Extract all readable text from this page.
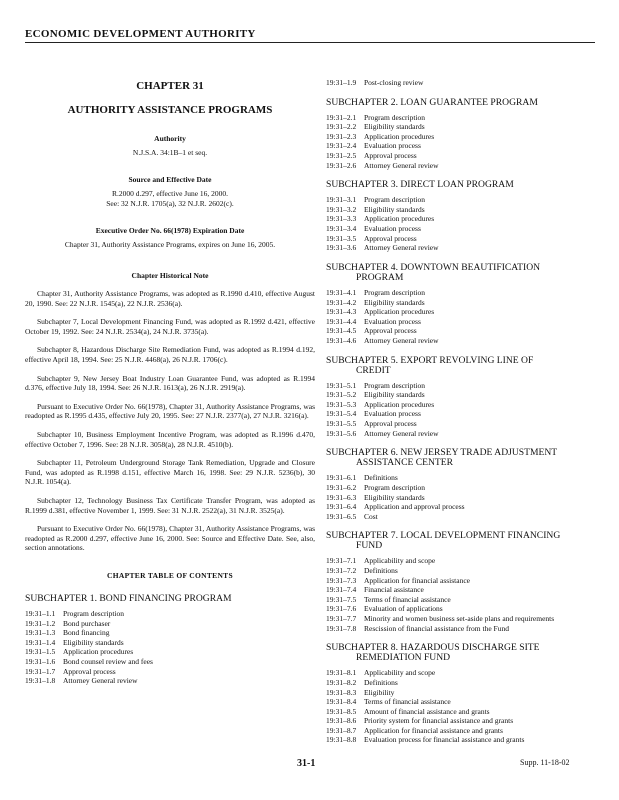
ECONOMIC DEVELOPMENT AUTHORITY
CHAPTER 31
AUTHORITY ASSISTANCE PROGRAMS
Authority
N.J.S.A. 34:1B–1 et seq.
Source and Effective Date
R.2000 d.297, effective June 16, 2000.
See: 32 N.J.R. 1705(a), 32 N.J.R. 2602(c).
Executive Order No. 66(1978) Expiration Date
Chapter 31, Authority Assistance Programs, expires on June 16, 2005.
Chapter Historical Note

Chapter 31, Authority Assistance Programs, was adopted as R.1990 d.410, effective August 20, 1990. See: 22 N.J.R. 1545(a), 22 N.J.R. 2536(a).

Subchapter 7, Local Development Financing Fund, was adopted as R.1992 d.421, effective October 19, 1992. See: 24 N.J.R. 2534(a), 24 N.J.R. 3735(a).

Subchapter 8, Hazardous Discharge Site Remediation Fund, was adopted as R.1994 d.192, effective April 18, 1994. See: 25 N.J.R. 4468(a), 26 N.J.R. 1706(c).

Subchapter 9, New Jersey Boat Industry Loan Guarantee Fund, was adopted as R.1994 d.376, effective July 18, 1994. See: 26 N.J.R. 1613(a), 26 N.J.R. 2919(a).

Pursuant to Executive Order No. 66(1978), Chapter 31, Authority Assistance Programs, was readopted as R.1995 d.435, effective July 20, 1995. See: 27 N.J.R. 2377(a), 27 N.J.R. 3216(a).

Subchapter 10, Business Employment Incentive Program, was adopted as R.1996 d.470, effective October 7, 1996. See: 28 N.J.R. 3058(a), 28 N.J.R. 4510(b).

Subchapter 11, Petroleum Underground Storage Tank Remediation, Upgrade and Closure Fund, was adopted as R.1998 d.151, effective March 16, 1998. See: 29 N.J.R. 5236(b), 30 N.J.R. 1054(a).

Subchapter 12, Technology Business Tax Certificate Transfer Program, was adopted as R.1999 d.381, effective November 1, 1999. See: 31 N.J.R. 2522(a), 31 N.J.R. 3525(a).

Pursuant to Executive Order No. 66(1978), Chapter 31, Authority Assistance Programs, was readopted as R.2000 d.297, effective June 16, 2000. See: Source and Effective Date. See, also, section annotations.

CHAPTER TABLE OF CONTENTS
SUBCHAPTER 1. BOND FINANCING PROGRAM
19:31–1.1	Program description
19:31–1.2	Bond purchaser
19:31–1.3	Bond financing
19:31–1.4	Eligibility standards
19:31–1.5	Application procedures
19:31–1.6	Bond counsel review and fees
19:31–1.7	Approval process
19:31–1.8	Attorney General review
19:31–1.9	Post-closing review
SUBCHAPTER 2. LOAN GUARANTEE PROGRAM
19:31–2.1	Program description
19:31–2.2	Eligibility standards
19:31–2.3	Application procedures
19:31–2.4	Evaluation process
19:31–2.5	Approval process
19:31–2.6	Attorney General review
SUBCHAPTER 3. DIRECT LOAN PROGRAM
19:31–3.1	Program description
19:31–3.2	Eligibility standards
19:31–3.3	Application procedures
19:31–3.4	Evaluation process
19:31–3.5	Approval process
19:31–3.6	Attorney General review
SUBCHAPTER 4. DOWNTOWN BEAUTIFICATION
PROGRAM
19:31–4.1	Program description
19:31–4.2	Eligibility standards
19:31–4.3	Application procedures
19:31–4.4	Evaluation process
19:31–4.5	Approval process
19:31–4.6	Attorney General review
SUBCHAPTER 5. EXPORT REVOLVING LINE OF
CREDIT
19:31–5.1	Program description
19:31–5.2	Eligibility standards
19:31–5.3	Application procedures
19:31–5.4	Evaluation process
19:31–5.5	Approval process
19:31–5.6	Attorney General review
SUBCHAPTER 6. NEW JERSEY TRADE ADJUSTMENT
ASSISTANCE CENTER
19:31–6.1	Definitions
19:31–6.2	Program description
19:31–6.3	Eligibility standards
19:31–6.4	Application and approval process
19:31–6.5	Cost
SUBCHAPTER 7. LOCAL DEVELOPMENT FINANCING
FUND
19:31–7.1	Applicability and scope
19:31–7.2	Definitions
19:31–7.3	Application for financial assistance
19:31–7.4	Financial assistance
19:31–7.5	Terms of financial assistance
19:31–7.6	Evaluation of applications
19:31–7.7	Minority and women business set-aside plans and requirements
19:31–7.8	Rescission of financial assistance from the Fund
SUBCHAPTER 8. HAZARDOUS DISCHARGE SITE
REMEDIATION FUND
19:31–8.1	Applicability and scope
19:31–8.2	Definitions
19:31–8.3	Eligibility
19:31–8.4	Terms of financial assistance
19:31–8.5	Amount of financial assistance and grants
19:31–8.6	Priority system for financial assistance and grants
19:31–8.7	Application for financial assistance and grants
19:31–8.8	Evaluation process for financial assistance and grants
31-1	Supp. 11-18-02
